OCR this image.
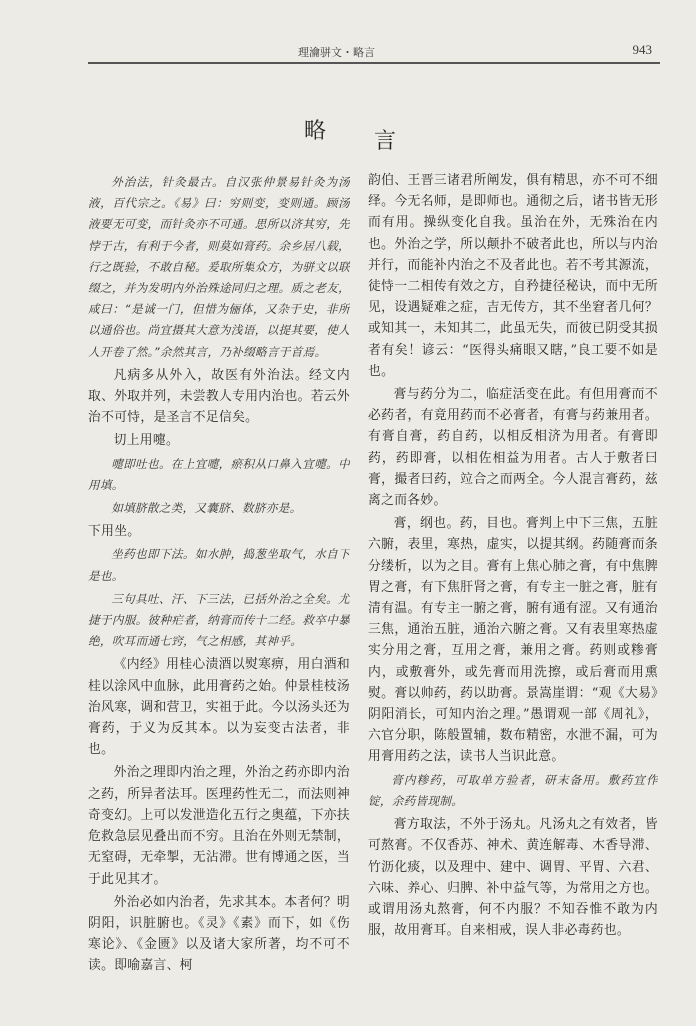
理瀹骈文・略言	943
略 言

外治法，针灸最古。自汉张仲景易针灸为汤液，百代宗之。《易》曰：穷则变，变则通。顾汤液要无可变，而针灸亦不可通。思所以济其穷，先悖于古，有利于今者，则莫如膏药。余乡居八载，行之既验，不敢自秘。爰取所集众方，为骈文以联缀之，并为发明内外治殊途同归之理。质之老友，咸曰：“是诚一门，但惜为俪体，又杂于史，非所以通俗也。尚宜摄其大意为浅语，以提其要，使人人开卷了然。”余然其言，乃补缀略言于首焉。

凡病多从外入，故医有外治法。经文内取、外取并列，未尝教人专用内治也。若云外治不可恃，是圣言不足信矣。

切上用嚏。

嚏即吐也。在上宜嚏，瘀积从口鼻入宜嚏。中用填。

如填脐散之类，又囊脐、数脐亦是。

下用坐。

坐药也即下法。如水肿，捣葱坐取气，水自下是也。

三句具吐、汗、下三法，已括外治之全矣。尤捷于内服。彼种疟者，纳膏而传十二经。救卒中暴绝，吹耳而通七窍，气之相感，其神乎。

《内经》用桂心渍酒以熨寒痹，用白酒和桂以涂风中血脉，此用膏药之始。仲景桂枝汤治风寒，调和营卫，实祖于此。今以汤头还为膏药，于义为反其本。以为妄变古法者，非也。

外治之理即内治之理，外治之药亦即内治之药，所异者法耳。医理药性无二，而法则神奇变幻。上可以发泄造化五行之奥蕴，下亦扶危救急层见叠出而不穷。且治在外则无禁制，无窒碍，无牵掣，无沾滞。世有博通之医，当于此见其才。

外治必如内治者，先求其本。本者何？明阴阳，识脏腑也。《灵》《素》而下，如《伤寒论》、《金匮》以及诸大家所著，均不可不读。即喻嘉言、柯

韵伯、王晋三诸君所阐发，俱有精思，亦不可不细绎。今无名师，是即师也。通彻之后，诸书皆无形而有用。操纵变化自我。虽治在外，无殊治在内也。外治之学，所以颠扑不破者此也，所以与内治并行，而能补内治之不及者此也。若不考其源流，徒恃一二相传有效之方，自矜捷径秘诀，而中无所见，设遇疑难之症，吉无传方，其不坐窘者几何？或知其一，未知其二，此虽无失，而彼已阴受其损者有矣！谚云：“医得头痛眼又瞎，”良工要不如是也。

膏与药分为二，临症活变在此。有但用膏而不必药者，有竟用药而不必膏者，有膏与药兼用者。有膏自膏，药自药，以相反相济为用者。有膏即药，药即膏，以相佐相益为用者。古人于敷者曰膏，撮者曰药，竝合之而两全。今人混言膏药，兹离之而各妙。

膏，纲也。药，目也。膏判上中下三焦，五脏六腑，表里，寒热，虚实，以提其纲。药随膏而条分缕析，以为之目。膏有上焦心肺之膏，有中焦脾胃之膏，有下焦肝肾之膏，有专主一脏之膏，脏有清有温。有专主一腑之膏，腑有通有涩。又有通治三焦，通治五脏，通治六腑之膏。又有表里寒热虚实分用之膏，互用之膏，兼用之膏。药则或糁膏内，或敷膏外，或先膏而用洗擦，或后膏而用熏熨。膏以帅药，药以助膏。景嵩崖谓：“观《大易》阴阳消长，可知内治之理。”愚谓观一部《周礼》，六官分职，陈般置辅，数布精密，水泄不漏，可为用膏用药之法，读书人当识此意。

膏内糁药，可取单方验者，研末备用。敷药宜作锭，余药皆现制。

膏方取法，不外于汤丸。凡汤丸之有效者，皆可熬膏。不仅香苏、神术、黄连解毒、木香导滞、竹沥化痰，以及理中、建中、调胃、平胃、六君、六味、养心、归脾、补中益气等，为常用之方也。或谓用汤丸熬膏，何不内服？不知吞惟不敢为内服，故用膏耳。自来相戒，误人非必毒药也。
